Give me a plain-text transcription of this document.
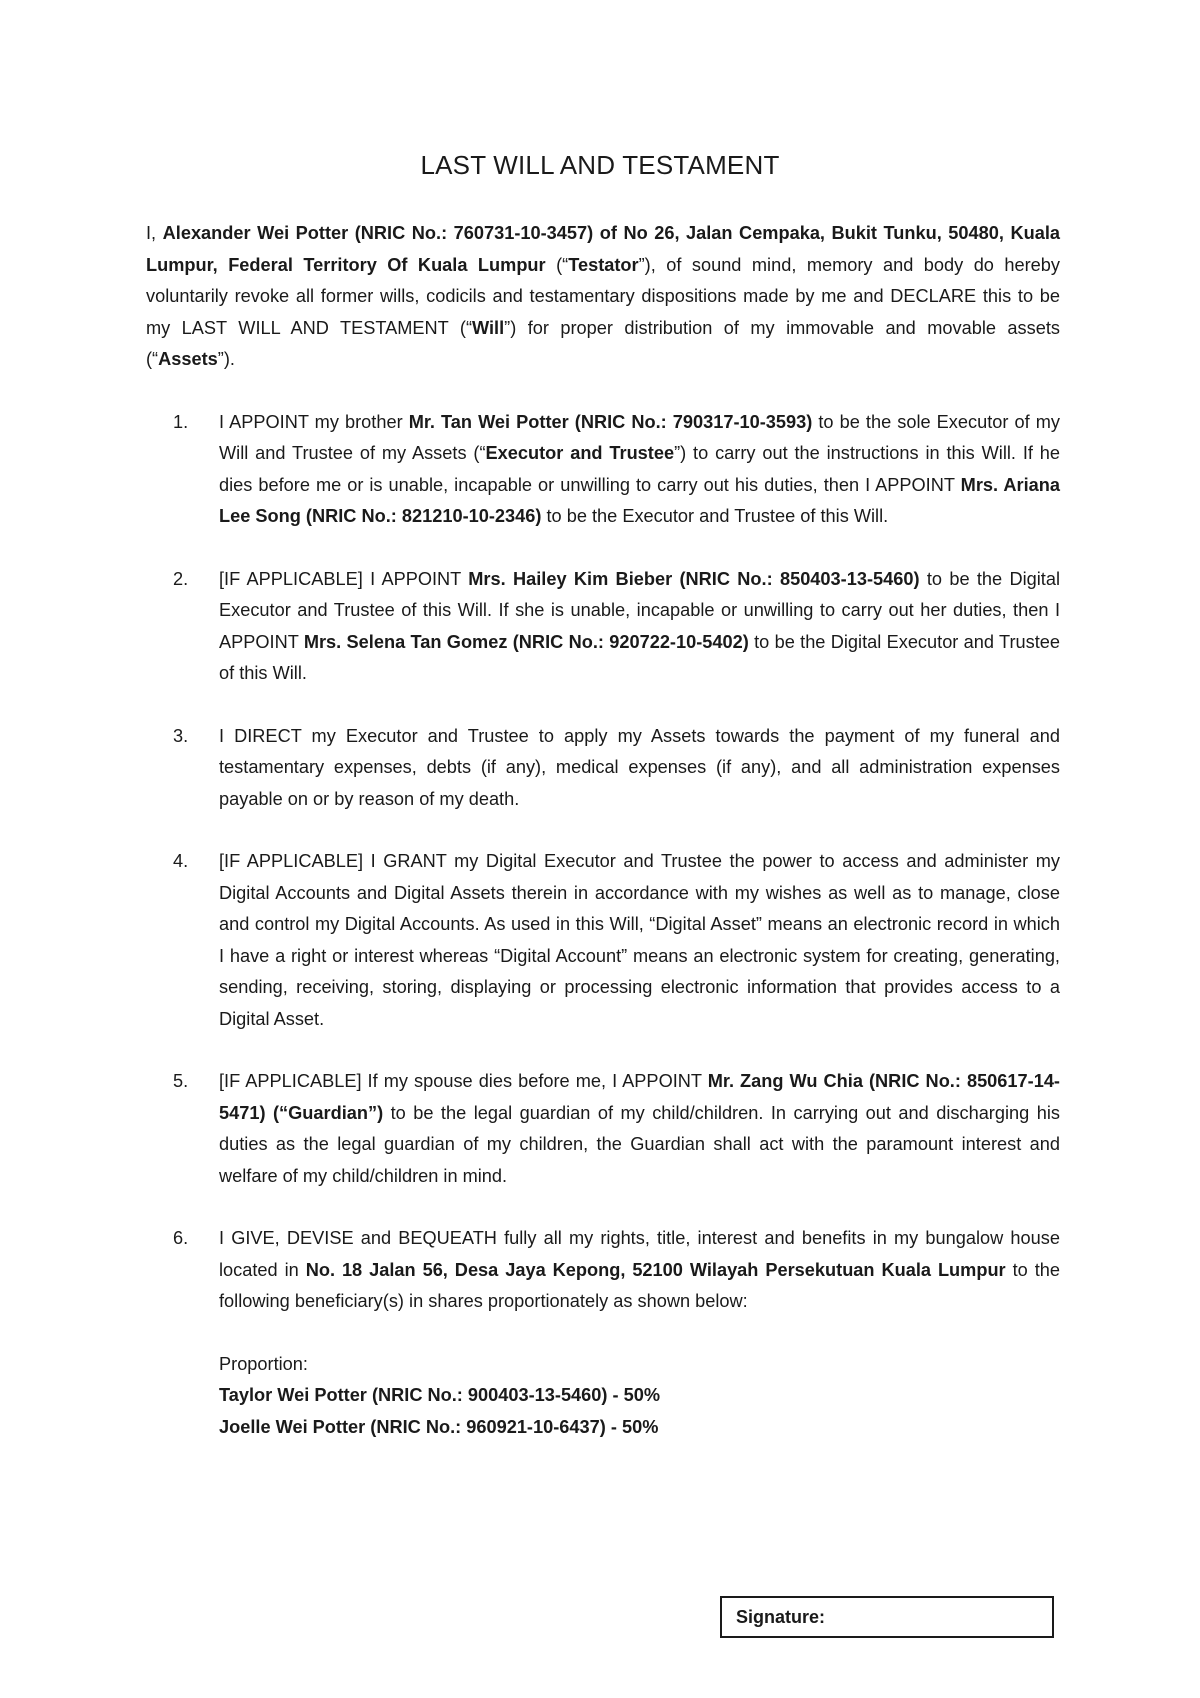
LAST WILL AND TESTAMENT

I, Alexander Wei Potter (NRIC No.: 760731-10-3457) of No 26, Jalan Cempaka, Bukit Tunku, 50480, Kuala Lumpur, Federal Territory Of Kuala Lumpur (“Testator”), of sound mind, memory and body do hereby voluntarily revoke all former wills, codicils and testamentary dispositions made by me and DECLARE this to be my LAST WILL AND TESTAMENT (“Will”) for proper distribution of my immovable and movable assets (“Assets”).

1. I APPOINT my brother Mr. Tan Wei Potter (NRIC No.: 790317-10-3593) to be the sole Executor of my Will and Trustee of my Assets (“Executor and Trustee”) to carry out the instructions in this Will. If he dies before me or is unable, incapable or unwilling to carry out his duties, then I APPOINT Mrs. Ariana Lee Song (NRIC No.: 821210-10-2346) to be the Executor and Trustee of this Will.

2. [IF APPLICABLE] I APPOINT Mrs. Hailey Kim Bieber (NRIC No.: 850403-13-5460) to be the Digital Executor and Trustee of this Will. If she is unable, incapable or unwilling to carry out her duties, then I APPOINT Mrs. Selena Tan Gomez (NRIC No.: 920722-10-5402) to be the Digital Executor and Trustee of this Will.

3. I DIRECT my Executor and Trustee to apply my Assets towards the payment of my funeral and testamentary expenses, debts (if any), medical expenses (if any), and all administration expenses payable on or by reason of my death.

4. [IF APPLICABLE] I GRANT my Digital Executor and Trustee the power to access and administer my Digital Accounts and Digital Assets therein in accordance with my wishes as well as to manage, close and control my Digital Accounts. As used in this Will, “Digital Asset” means an electronic record in which I have a right or interest whereas “Digital Account” means an electronic system for creating, generating, sending, receiving, storing, displaying or processing electronic information that provides access to a Digital Asset.

5. [IF APPLICABLE] If my spouse dies before me, I APPOINT Mr. Zang Wu Chia (NRIC No.: 850617-14-5471) (“Guardian”) to be the legal guardian of my child/children. In carrying out and discharging his duties as the legal guardian of my children, the Guardian shall act with the paramount interest and welfare of my child/children in mind.

6. I GIVE, DEVISE and BEQUEATH fully all my rights, title, interest and benefits in my bungalow house located in No. 18 Jalan 56, Desa Jaya Kepong, 52100 Wilayah Persekutuan Kuala Lumpur to the following beneficiary(s) in shares proportionately as shown below:

Proportion:
Taylor Wei Potter (NRIC No.: 900403-13-5460) - 50%
Joelle Wei Potter (NRIC No.: 960921-10-6437) - 50%
Signature:
